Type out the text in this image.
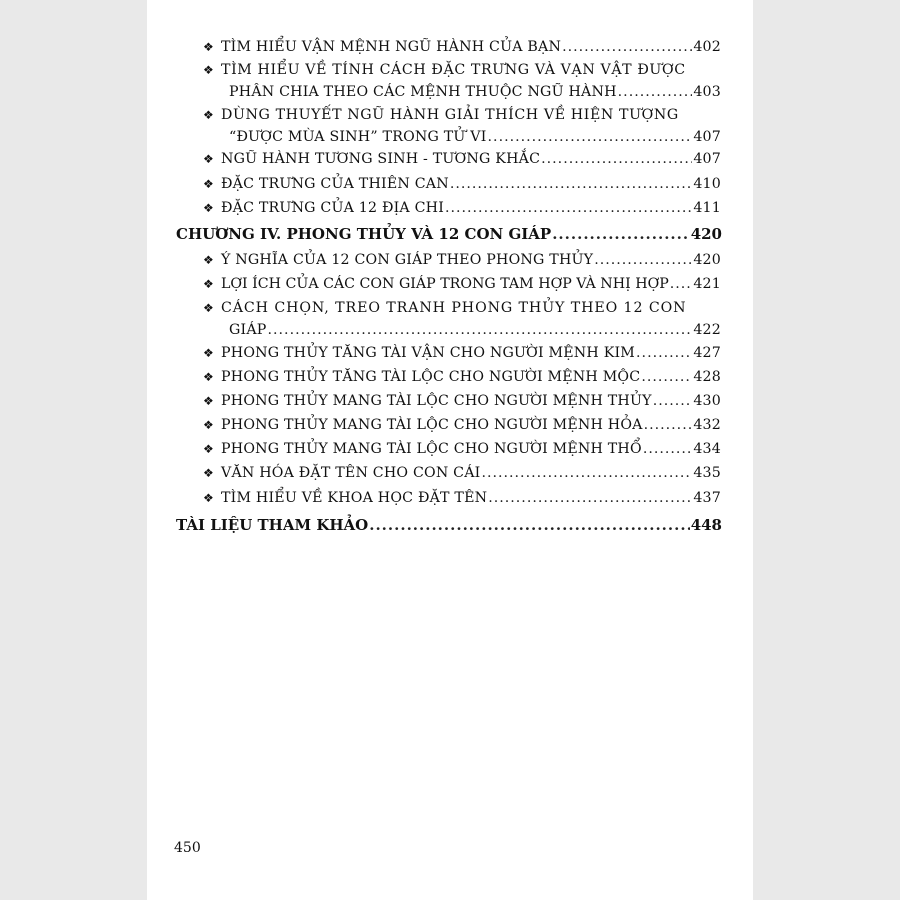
❖ TÌM HIỂU VẬN MỆNH NGŨ HÀNH CỦA BẠN .....	402
❖ TÌM HIỂU VỀ TÍNH CÁCH ĐẶC TRƯNG VÀ VẠN VẬT ĐƯỢC
PHÂN CHIA THEO CÁC MỆNH THUỘC NGŨ HÀNH .....	403
❖ DÙNG THUYẾT NGŨ HÀNH GIẢI THÍCH VỀ HIỆN TƯỢNG
“ĐƯỢC MÙA SINH” TRONG TỬ VI .....	407
❖ NGŨ HÀNH TƯƠNG SINH - TƯƠNG KHẮC .....	407
❖ ĐẶC TRƯNG CỦA THIÊN CAN .....	410
❖ ĐẶC TRƯNG CỦA 12 ĐỊA CHI .....	411
CHƯƠNG IV. PHONG THỦY VÀ 12 CON GIÁP .....	420
❖ Ý NGHĨA CỦA 12 CON GIÁP THEO PHONG THỦY .....	420
❖ LỢI ÍCH CỦA CÁC CON GIÁP TRONG TAM HỢP VÀ NHỊ HỢP ..... 421
❖ CÁCH CHỌN, TREO TRANH PHONG THỦY THEO 12 CON
GIÁP .....	422
❖ PHONG THỦY TĂNG TÀI VẬN CHO NGƯỜI MỆNH KIM .....	427
❖ PHONG THỦY TĂNG TÀI LỘC CHO NGƯỜI MỆNH MỘC .....	428
❖ PHONG THỦY MANG TÀI LỘC CHO NGƯỜI MỆNH THỦY .....	430
❖ PHONG THỦY MANG TÀI LỘC CHO NGƯỜI MỆNH HỎA .....	432
❖ PHONG THỦY MANG TÀI LỘC CHO NGƯỜI MỆNH THỔ .....	434
❖ VĂN HÓA ĐẶT TÊN CHO CON CÁI .....	435
❖ TÌM HIỂU VỀ KHOA HỌC ĐẶT TÊN .....	437
TÀI LIỆU THAM KHẢO .....	448
450
